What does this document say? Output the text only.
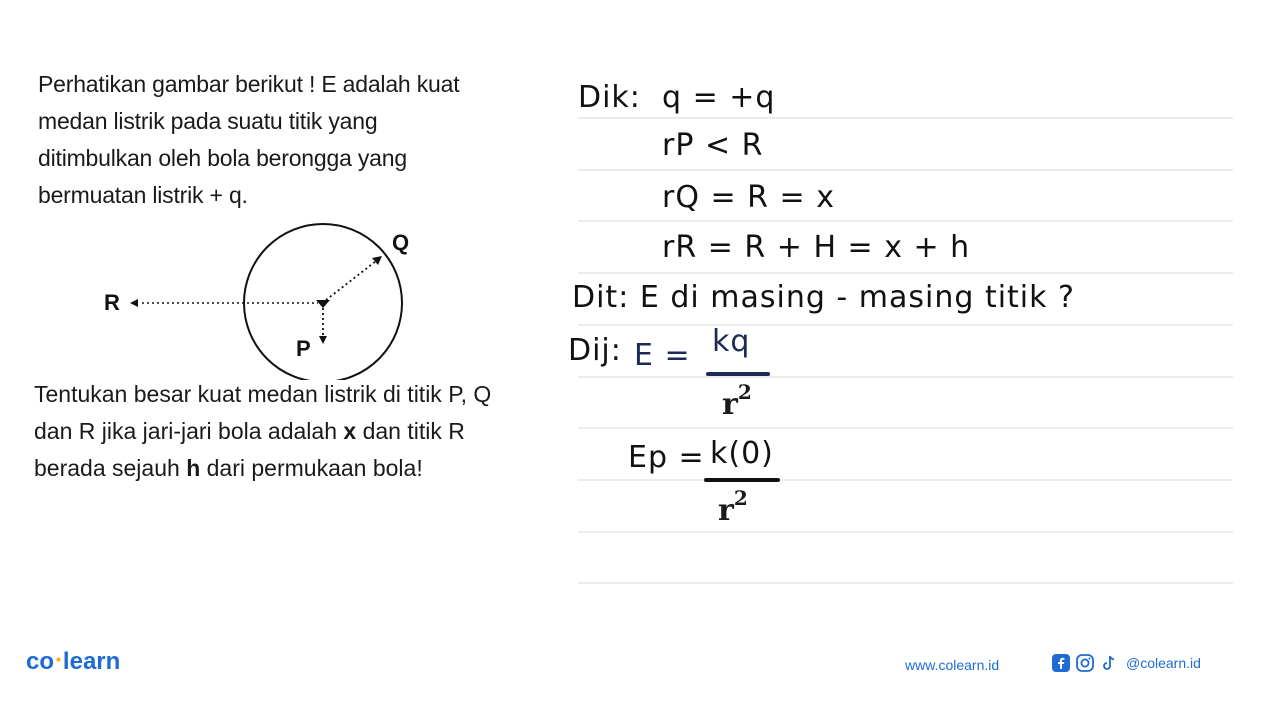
Perhatikan gambar berikut ! E adalah kuat

medan listrik pada suatu titik yang

ditimbulkan oleh bola berongga yang

bermuatan listrik + q.

Q
R
P
Tentukan besar kuat medan listrik di titik P, Q
dan R jika jari-jari bola adalah x dan titik R
berada sejauh h dari permukaan bola!
Dik: q = +q
rP < R
rQ = R = x
rR = R + H = x + h
Dit: E di masing - masing titik ?
Dij: E = kq
$r^2$
Ep = k(0)
$r^2$
co •learn	www.colearn.id	@colearn.id
